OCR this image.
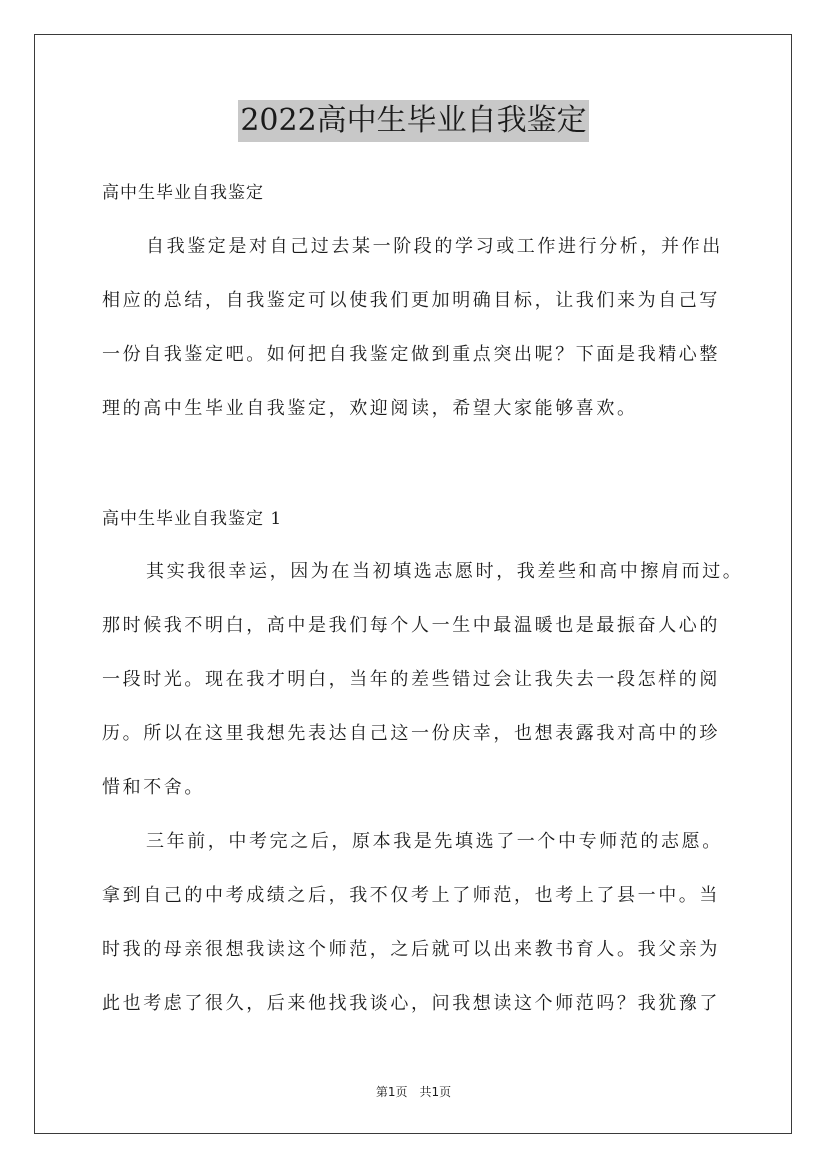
2022高中生毕业自我鉴定
高中生毕业自我鉴定
自我鉴定是对自己过去某一阶段的学习或工作进行分析，并作出
相应的总结，自我鉴定可以使我们更加明确目标，让我们来为自己写
一份自我鉴定吧。如何把自我鉴定做到重点突出呢？下面是我精心整
理的高中生毕业自我鉴定，欢迎阅读，希望大家能够喜欢。
高中生毕业自我鉴定 1
其实我很幸运，因为在当初填选志愿时，我差些和高中擦肩而过。
那时候我不明白，高中是我们每个人一生中最温暖也是最振奋人心的
一段时光。现在我才明白，当年的差些错过会让我失去一段怎样的阅
历。所以在这里我想先表达自己这一份庆幸，也想表露我对高中的珍
惜和不舍。
三年前，中考完之后，原本我是先填选了一个中专师范的志愿。
拿到自己的中考成绩之后，我不仅考上了师范，也考上了县一中。当
时我的母亲很想我读这个师范，之后就可以出来教书育人。我父亲为
此也考虑了很久，后来他找我谈心，问我想读这个师范吗？我犹豫了
第1页　共1页
